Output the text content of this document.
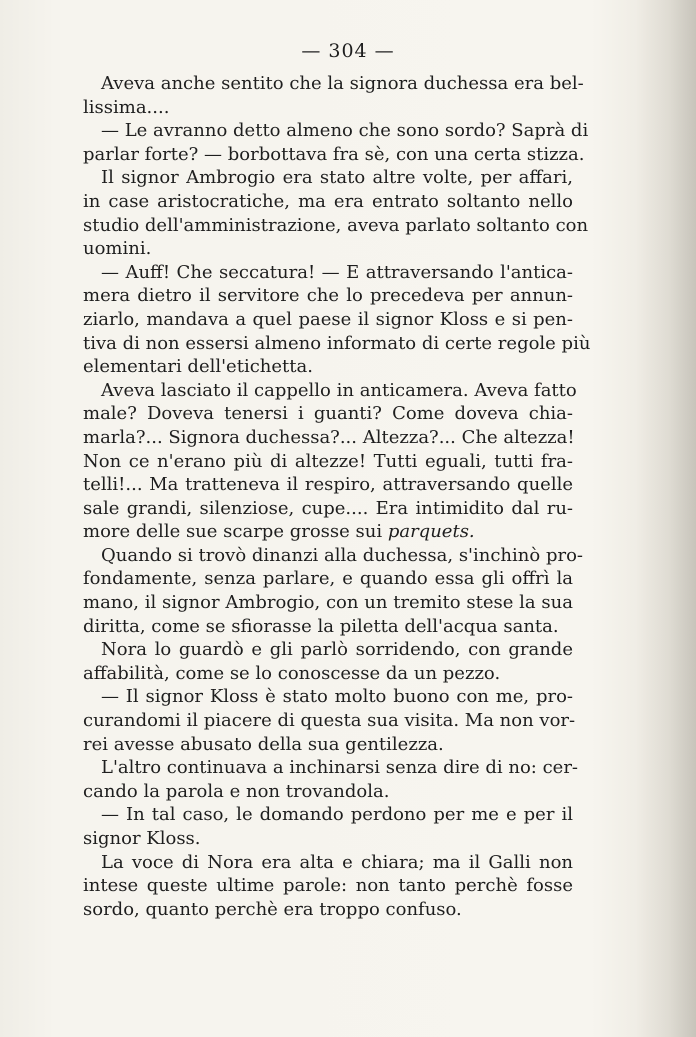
— 304 —
Aveva anche sentito che la signora duchessa era bel-
lissima....
— Le avranno detto almeno che sono sordo? Saprà di
parlar forte? — borbottava fra sè, con una certa stizza.
Il signor Ambrogio era stato altre volte, per affari,
in case aristocratiche, ma era entrato soltanto nello
studio dell'amministrazione, aveva parlato soltanto con
uomini.
— Auff! Che seccatura! — E attraversando l'antica-
mera dietro il servitore che lo precedeva per annun-
ziarlo, mandava a quel paese il signor Kloss e si pen-
tiva di non essersi almeno informato di certe regole più
elementari dell'etichetta.
Aveva lasciato il cappello in anticamera. Aveva fatto
male? Doveva tenersi i guanti? Come doveva chia-
marla?... Signora duchessa?... Altezza?... Che altezza!
Non ce n'erano più di altezze! Tutti eguali, tutti fra-
telli!... Ma tratteneva il respiro, attraversando quelle
sale grandi, silenziose, cupe.... Era intimidito dal ru-
more delle sue scarpe grosse sui parquets.
Quando si trovò dinanzi alla duchessa, s'inchinò pro-
fondamente, senza parlare, e quando essa gli offrì la
mano, il signor Ambrogio, con un tremito stese la sua
diritta, come se sfiorasse la piletta dell'acqua santa.
Nora lo guardò e gli parlò sorridendo, con grande
affabilità, come se lo conoscesse da un pezzo.
— Il signor Kloss è stato molto buono con me, pro-
curandomi il piacere di questa sua visita. Ma non vor-
rei avesse abusato della sua gentilezza.
L'altro continuava a inchinarsi senza dire di no: cer-
cando la parola e non trovandola.
— In tal caso, le domando perdono per me e per il
signor Kloss.
La voce di Nora era alta e chiara; ma il Galli non
intese queste ultime parole: non tanto perchè fosse
sordo, quanto perchè era troppo confuso.
